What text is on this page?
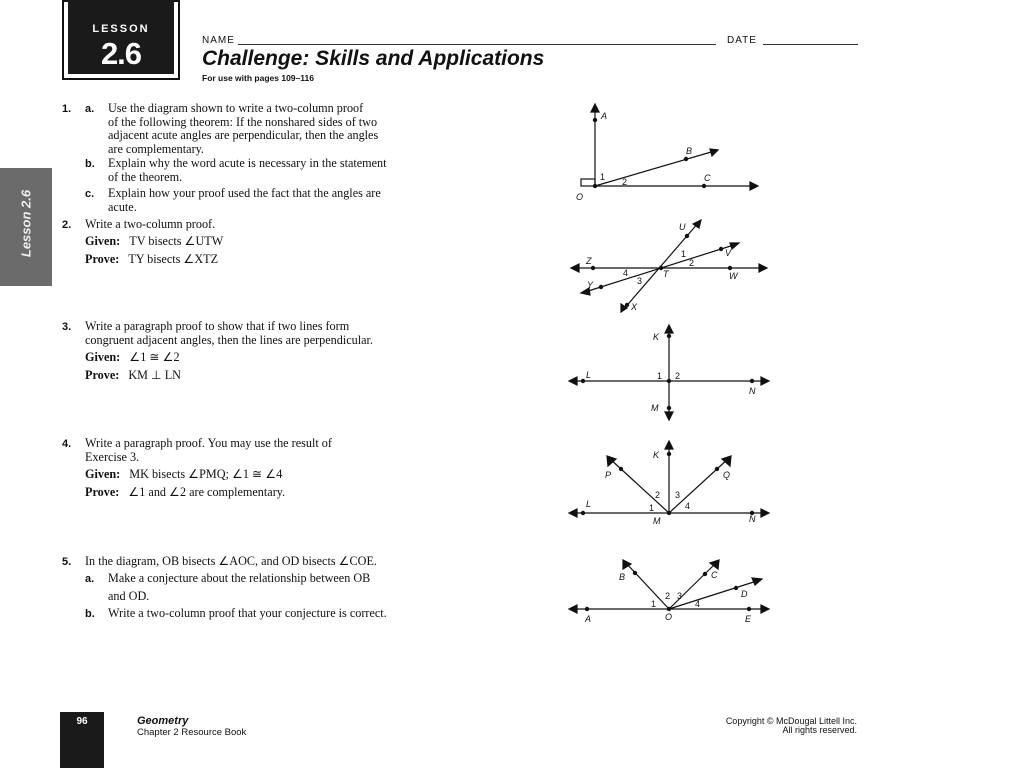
LESSON
2.6
Lesson 2.6
NAME	DATE
Challenge: Skills and Applications
For use with pages 109–116
1. a. Use the diagram shown to write a two-column proof
of the following theorem: If the nonshared sides of two
adjacent acute angles are perpendicular, then the angles
are complementary.
b. Explain why the word acute is necessary in the statement
of the theorem.
c. Explain how your proof used the fact that the angles are
acute.
2. Write a two-column proof.
Given: TV bisects ∠UTW
Prove: TY bisects ∠XTZ
3. Write a paragraph proof to show that if two lines form
congruent adjacent angles, then the lines are perpendicular.
Given: ∠1 ≅ ∠2
Prove: KM ⊥ LN
4. Write a paragraph proof. You may use the result of
Exercise 3.
Given: MK bisects ∠PMQ; ∠1 ≅ ∠4
Prove: ∠1 and ∠2 are complementary.
5. In the diagram, OB bisects ∠AOC, and OD bisects ∠COE.
a. Make a conjecture about the relationship between OB
and OD.
b. Write a two-column proof that your conjecture is correct.
A
B
C
O
1 2
U
V
Z
W
T
Y
X
1
2
3
4
K
L
N
M
1 2
K
P	Q
L
M	N
1
2 3
4
B	C
D
A	O	E
1
2 3
4
96	Geometry
Chapter 2 Resource Book
Copyright © McDougal Littell Inc.
All rights reserved.
